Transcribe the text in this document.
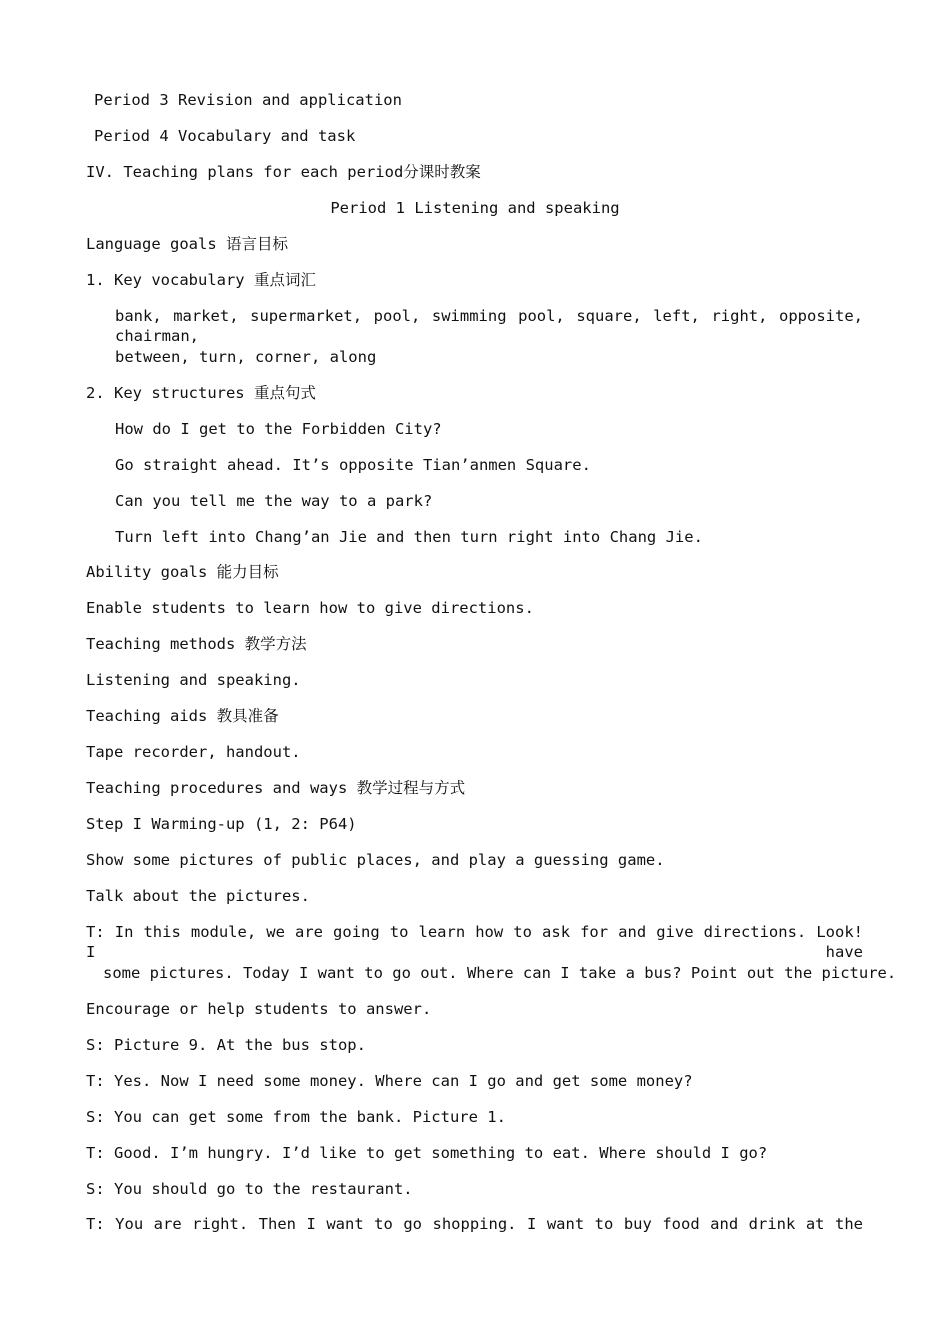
Period 3 Revision and application
Period 4 Vocabulary and task
IV. Teaching plans for each period分课时教案
Period 1 Listening and speaking
Language goals 语言目标
1. Key vocabulary 重点词汇
bank, market, supermarket, pool, swimming pool, square, left, right, opposite, chairman,
between, turn, corner, along
2. Key structures 重点句式
How do I get to the Forbidden City?
Go straight ahead. It’s opposite Tian’anmen Square.
Can you tell me the way to a park?
Turn left into Chang’an Jie and then turn right into Chang Jie.
Ability goals 能力目标
Enable students to learn how to give directions.
Teaching methods 教学方法
Listening and speaking.
Teaching aids 教具准备
Tape recorder, handout.
Teaching procedures and ways 教学过程与方式
Step I Warming-up (1, 2: P64)
Show some pictures of public places, and play a guessing game.
Talk about the pictures.
T: In this module, we are going to learn how to ask for and give directions. Look! I have
some pictures. Today I want to go out. Where can I take a bus? Point out the picture.
Encourage or help students to answer.
S: Picture 9. At the bus stop.
T: Yes. Now I need some money. Where can I go and get some money?
S: You can get some from the bank. Picture 1.
T: Good. I’m hungry. I’d like to get something to eat. Where should I go?
S: You should go to the restaurant.
T: You are right. Then I want to go shopping. I want to buy food and drink at the
